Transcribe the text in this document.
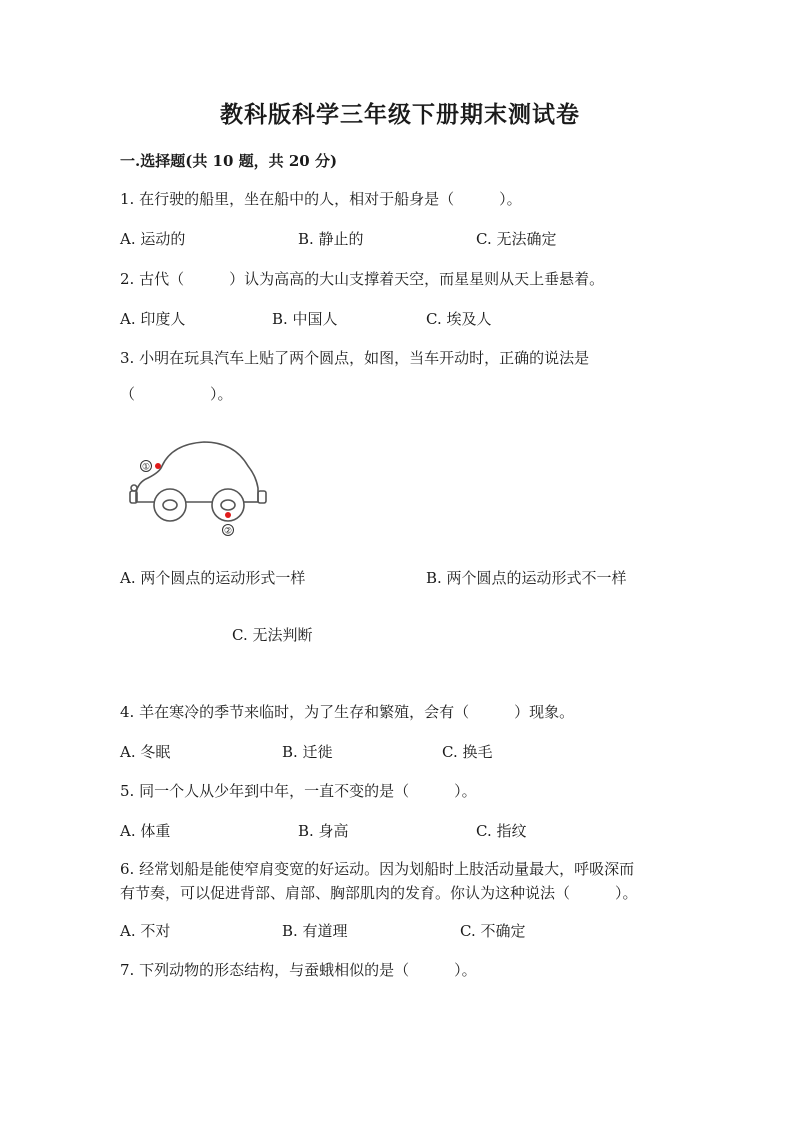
教科版科学三年级下册期末测试卷
一.选择题(共 10 题，共 20 分)
1. 在行驶的船里，坐在船中的人，相对于船身是（　　　）。
A. 运动的	B. 静止的	C. 无法确定
2. 古代（　　　）认为高高的大山支撑着天空，而星星则从天上垂悬着。
A. 印度人	B. 中国人	C. 埃及人
3. 小明在玩具汽车上贴了两个圆点，如图，当车开动时，正确的说法是
（　　　　　）。
①
②
A. 两个圆点的运动形式一样	B. 两个圆点的运动形式不一样
C. 无法判断
4. 羊在寒冷的季节来临时，为了生存和繁殖，会有（　　　）现象。
A. 冬眠	B. 迁徙	C. 换毛
5. 同一个人从少年到中年，一直不变的是（　　　）。
A. 体重	B. 身高	C. 指纹
6. 经常划船是能使窄肩变宽的好运动。因为划船时上肢活动量最大，呼吸深而
有节奏，可以促进背部、肩部、胸部肌肉的发育。你认为这种说法（　　　）。
A. 不对	B. 有道理	C. 不确定
7. 下列动物的形态结构，与蚕蛾相似的是（　　　）。
